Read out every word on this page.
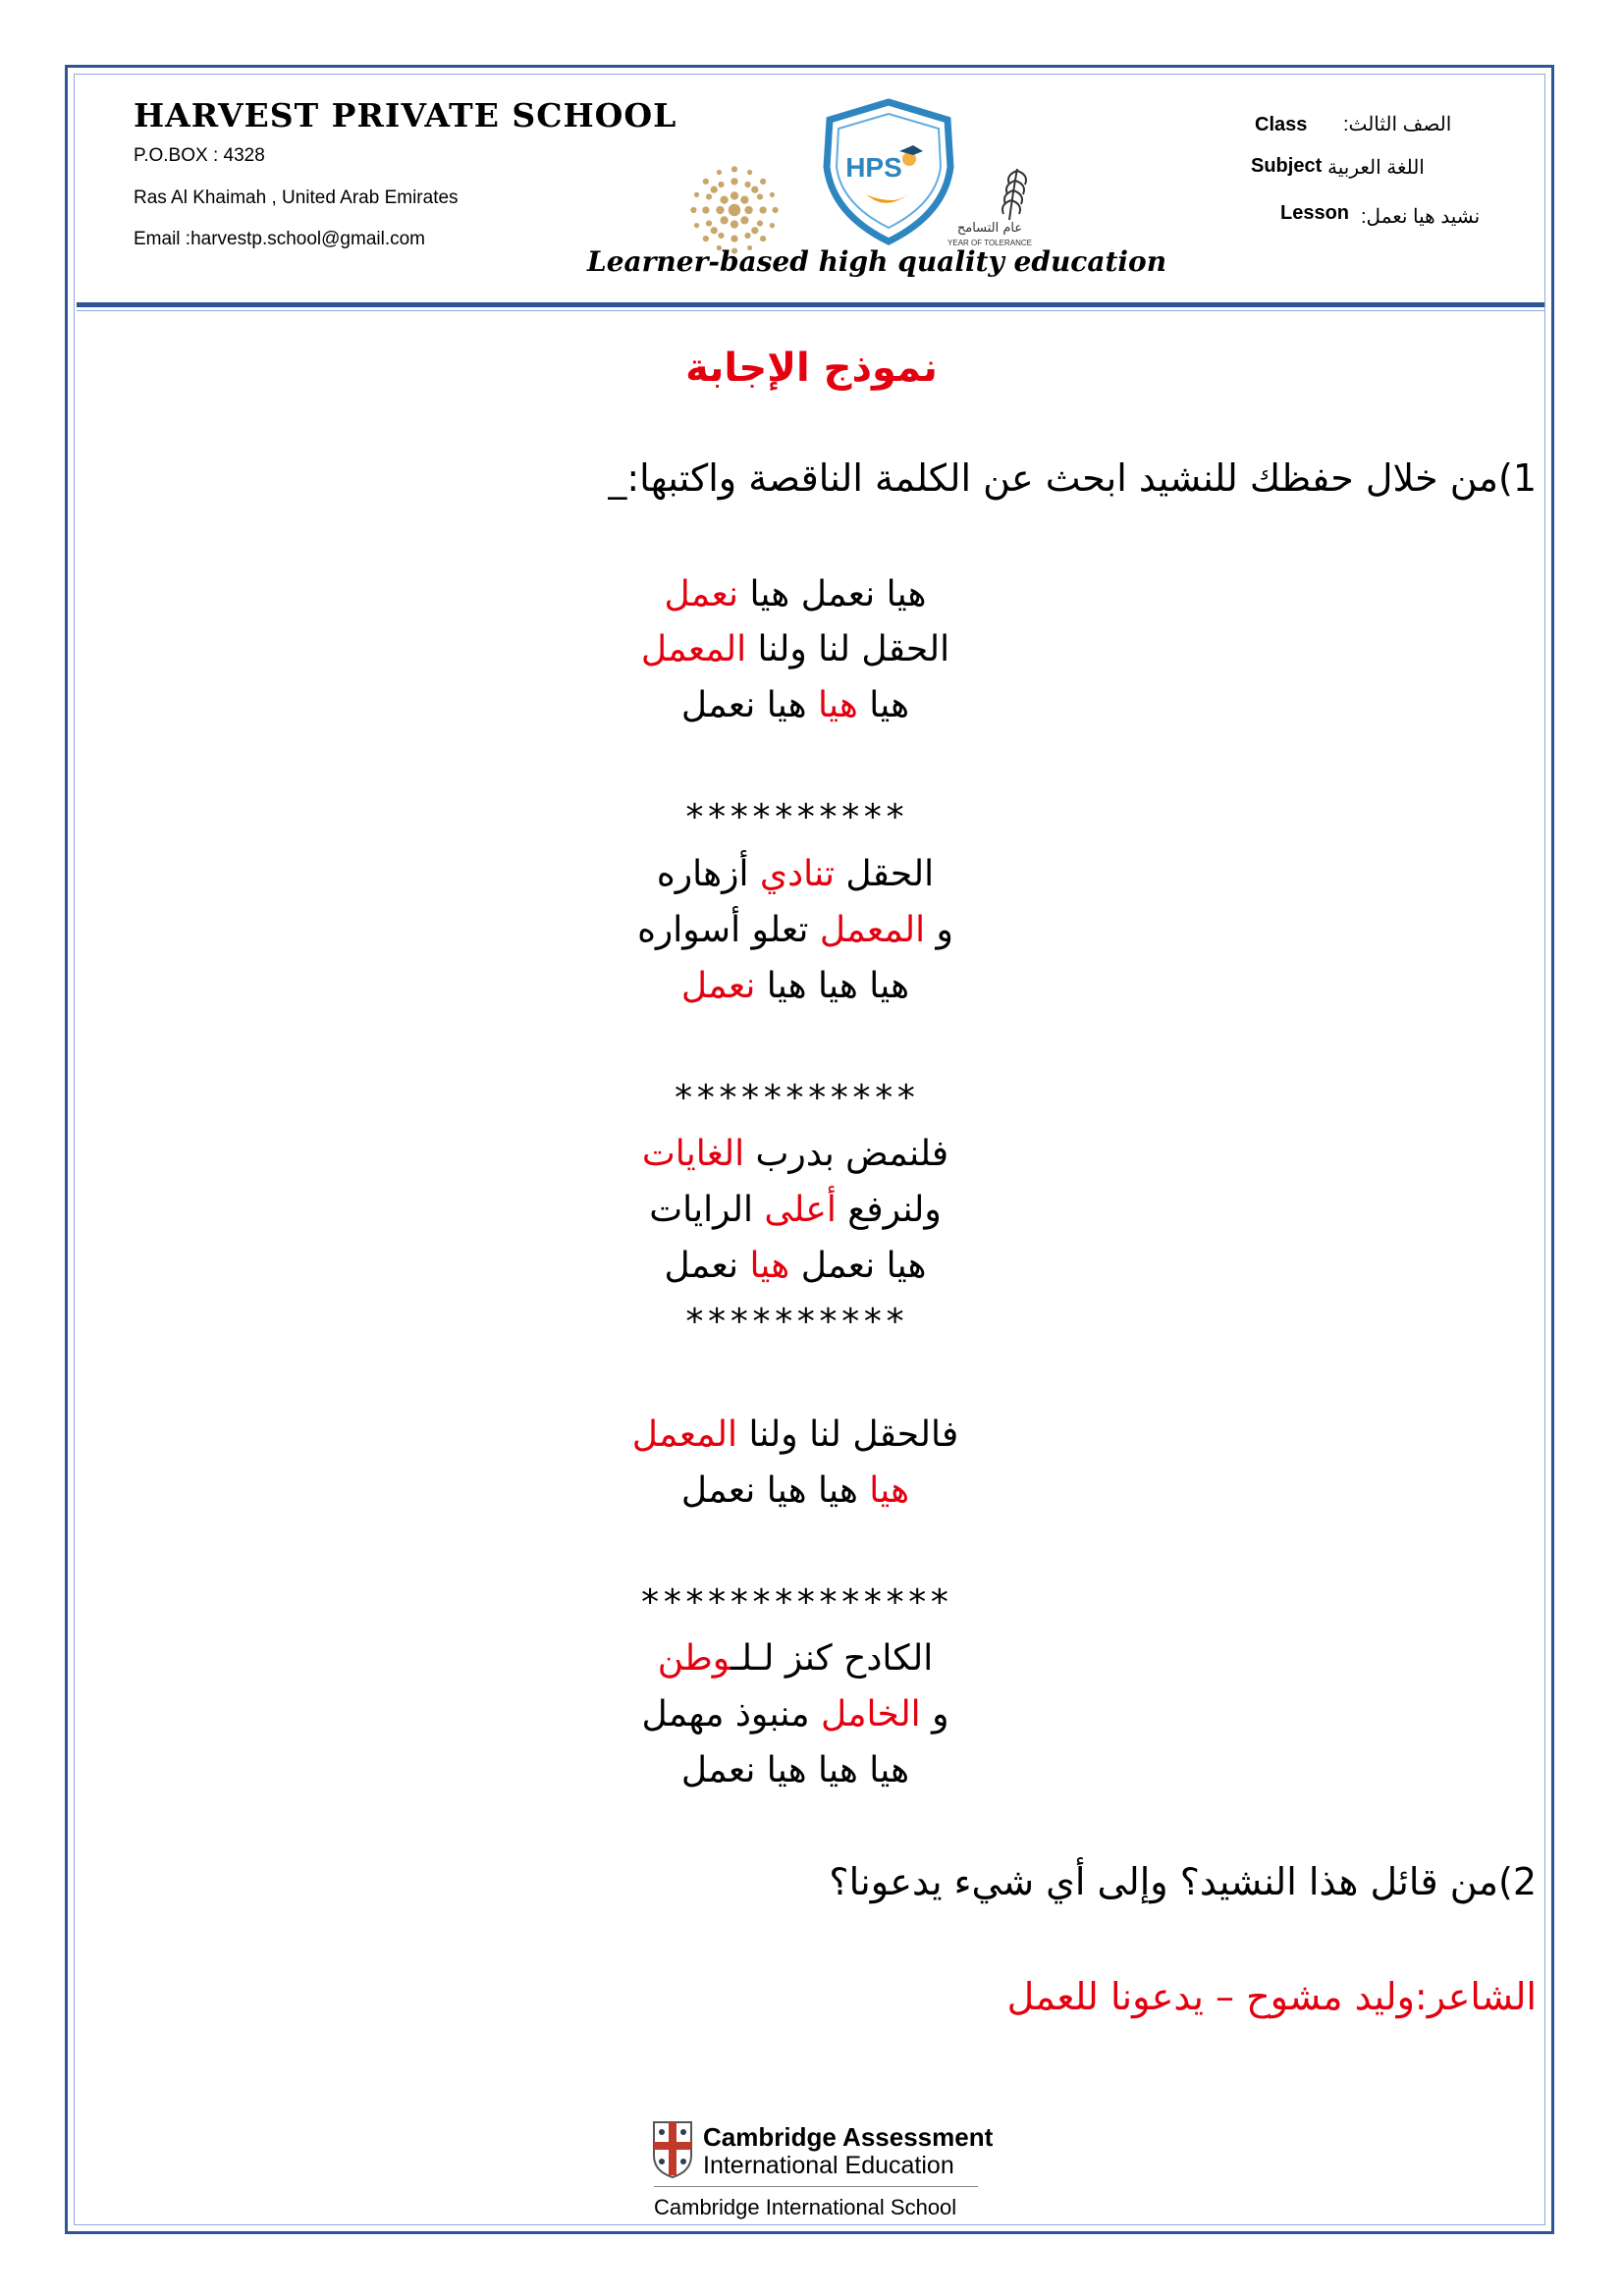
HARVEST PRIVATE SCHOOL
P.O.BOX : 4328
Ras Al Khaimah , United Arab Emirates
Email :harvestp.school@gmail.com
HPS
عام التسامح
YEAR OF TOLERANCE
Learner-based high quality education
Class الصف الثالث:
Subject اللغة العربية
Lesson نشيد هيا نعمل:
نموذج الإجابة
1)من خلال حفظك للنشيد ابحث عن الكلمة الناقصة واكتبها:_
هيا نعمل هيا نعمل
الحقل لنا ولنا المعمل
هيا هيا هيا نعمل
**********
الحقل تنادي أزهاره
و المعمل تعلو أسواره
هيا هيا هيا نعمل
***********
فلنمض بدرب الغايات
ولنرفع أعلى الرايات
هيا نعمل هيا نعمل
**********
فالحقل لنا ولنا المعمل
هيا هيا هيا نعمل
**************
الكادح كنز لـلـوطن
و الخامل منبوذ مهمل
هيا هيا هيا نعمل
2)من قائل هذا النشيد؟ وإلى أي شيء يدعونا؟
الشاعر:وليد مشوح – يدعونا للعمل
Cambridge Assessment
International Education
Cambridge International School
